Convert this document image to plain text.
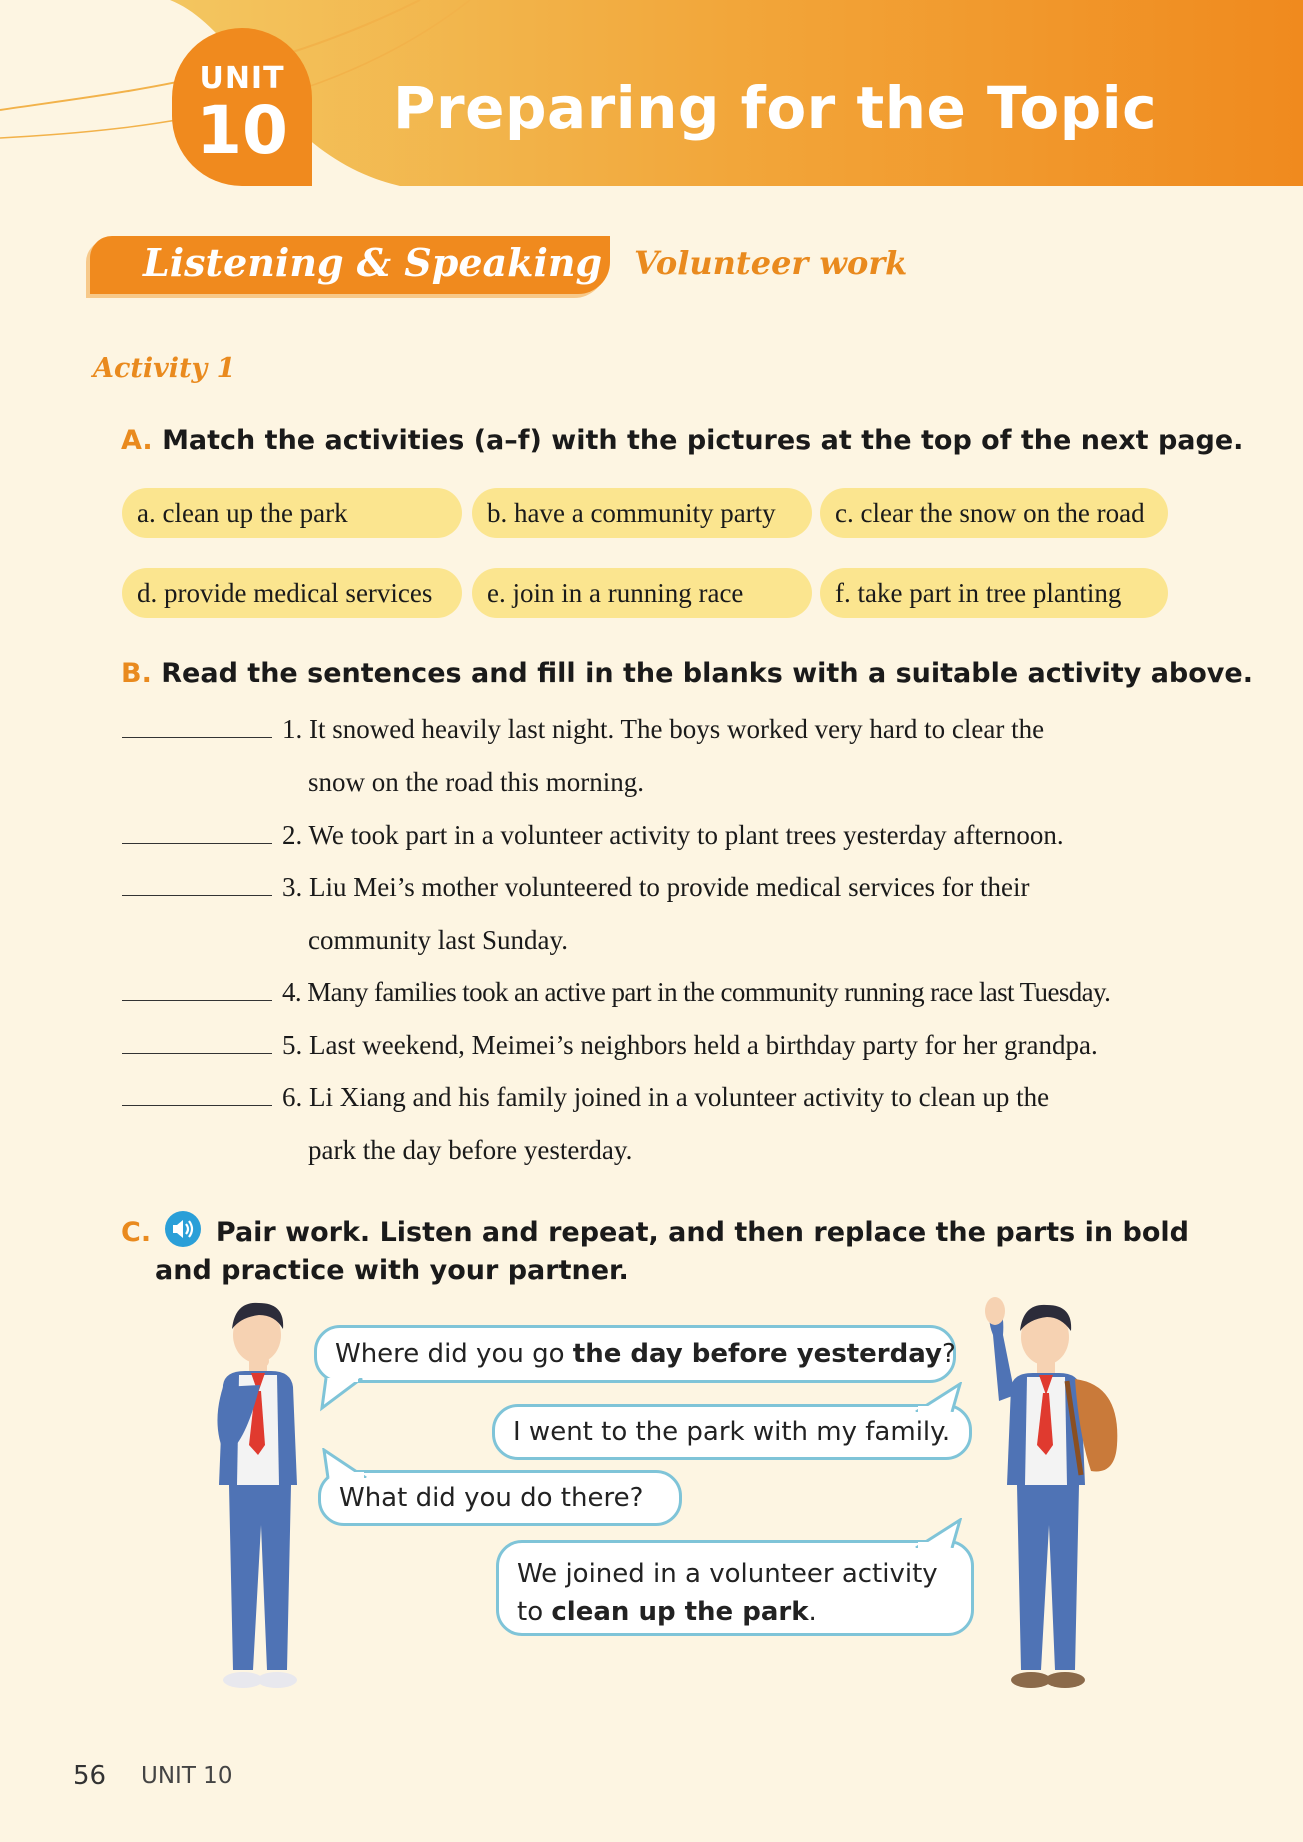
UNIT
10	Preparing for the Topic
Listening & Speaking Volunteer work
Activity 1
A. Match the activities (a–f) with the pictures at the top of the next page.
a. clean up the park	b. have a community party	c. clear the snow on the road
d. provide medical services	e. join in a running race	f. take part in tree planting
B. Read the sentences and fill in the blanks with a suitable activity above.
1. It snowed heavily last night. The boys worked very hard to clear the
snow on the road this morning.
2. We took part in a volunteer activity to plant trees yesterday afternoon.
3. Liu Mei’s mother volunteered to provide medical services for their
community last Sunday.
4. Many families took an active part in the community running race last Tuesday.
5. Last weekend, Meimei’s neighbors held a birthday party for her grandpa.
6. Li Xiang and his family joined in a volunteer activity to clean up the
park the day before yesterday.
C. Pair work. Listen and repeat, and then replace the parts in bold
and practice with your partner.
Where did you go the day before yesterday?
I went to the park with my family.
What did you do there?
We joined in a volunteer activity
to clean up the park.
56 UNIT 10
